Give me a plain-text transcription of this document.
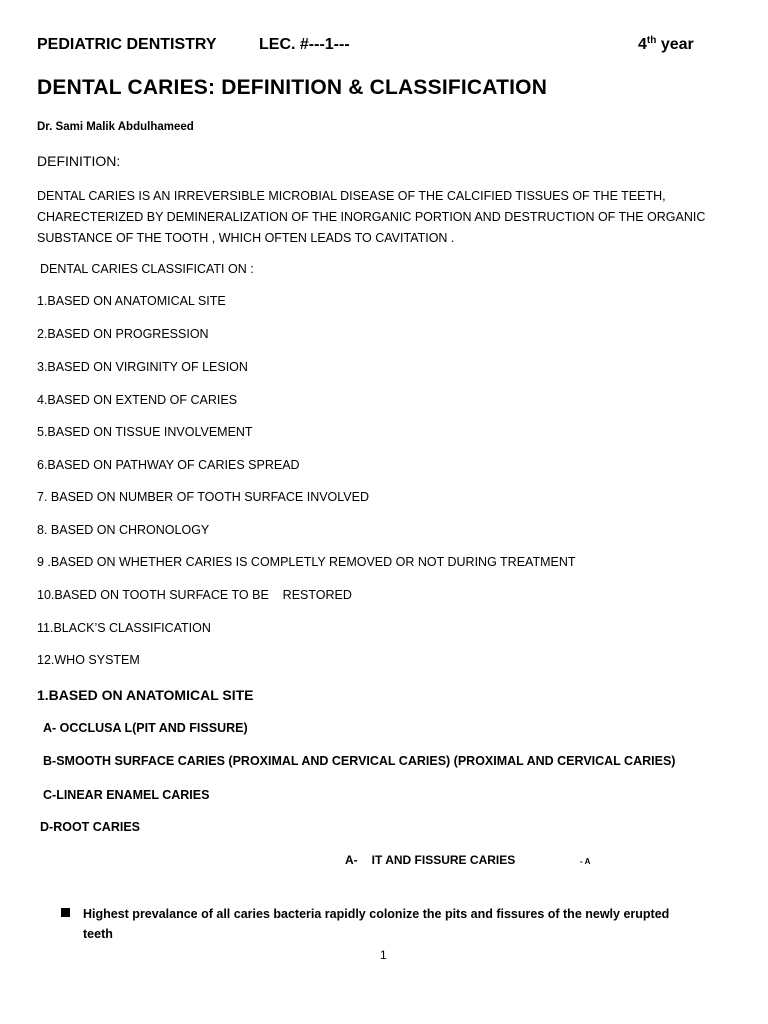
PEDIATRIC DENTISTRY	LEC. #---1---	4th year
DENTAL CARIES: DEFINITION & CLASSIFICATION
Dr. Sami Malik Abdulhameed
DEFINITION:
DENTAL CARIES IS AN IRREVERSIBLE MICROBIAL DISEASE OF THE CALCIFIED TISSUES OF THE TEETH,
CHARECTERIZED BY DEMINERALIZATION OF THE INORGANIC PORTION AND DESTRUCTION OF THE ORGANIC
SUBSTANCE OF THE TOOTH , WHICH OFTEN LEADS TO CAVITATION .
DENTAL CARIES CLASSIFICATI ON :
1.BASED ON ANATOMICAL SITE
2.BASED ON PROGRESSION
3.BASED ON VIRGINITY OF LESION
4.BASED ON EXTEND OF CARIES
5.BASED ON TISSUE INVOLVEMENT
6.BASED ON PATHWAY OF CARIES SPREAD
7. BASED ON NUMBER OF TOOTH SURFACE INVOLVED
8. BASED ON CHRONOLOGY
9 .BASED ON WHETHER CARIES IS COMPLETLY REMOVED OR NOT DURING TREATMENT
10.BASED ON TOOTH SURFACE TO BE    RESTORED
11.BLACK’S CLASSIFICATION
12.WHO SYSTEM
1.BASED ON ANATOMICAL SITE
A- OCCLUSA L(PIT AND FISSURE)
B-SMOOTH SURFACE CARIES (PROXIMAL AND CERVICAL CARIES) (PROXIMAL AND CERVICAL CARIES)
C-LINEAR ENAMEL CARIES
D-ROOT CARIES
A- IT AND FISSURE CARIES	- A
Highest prevalance of all caries bacteria rapidly colonize the pits and fissures of the newly erupted
teeth
1
